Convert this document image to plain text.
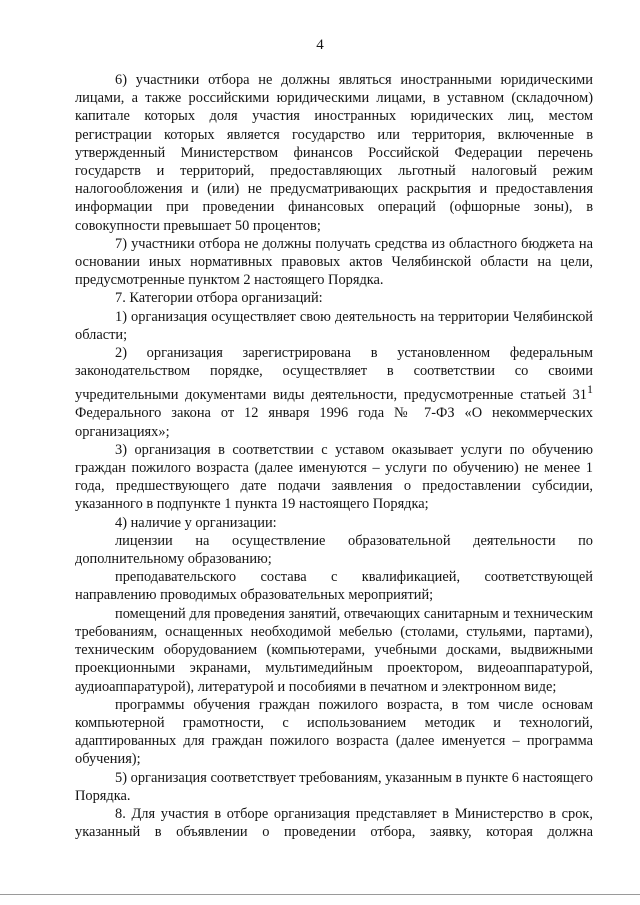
4

6) участники отбора не должны являться иностранными юридическими лицами, а также российскими юридическими лицами, в уставном (складочном) капитале которых доля участия иностранных юридических лиц, местом регистрации которых является государство или территория, включенные в утвержденный Министерством финансов Российской Федерации перечень государств и территорий, предоставляющих льготный налоговый режим налогообложения и (или) не предусматривающих раскрытия и предоставления информации при проведении финансовых операций (офшорные зоны), в совокупности превышает 50 процентов;

7) участники отбора не должны получать средства из областного бюджета на основании иных нормативных правовых актов Челябинской области на цели, предусмотренные пунктом 2 настоящего Порядка.

7. Категории отбора организаций:

1) организация осуществляет свою деятельность на территории Челябинской области;

2) организация зарегистрирована в установленном федеральным законодательством порядке, осуществляет в соответствии со своими учредительными документами виды деятельности, предусмотренные статьей $31^1$ Федерального закона от 12 января 1996 года № 7-ФЗ «О некоммерческих организациях»;

3) организация в соответствии с уставом оказывает услуги по обучению граждан пожилого возраста (далее именуются – услуги по обучению) не менее 1 года, предшествующего дате подачи заявления о предоставлении субсидии, указанного в подпункте 1 пункта 19 настоящего Порядка;

4) наличие у организации:

лицензии на осуществление образовательной деятельности по дополнительному образованию;

преподавательского состава с квалификацией, соответствующей направлению проводимых образовательных мероприятий;

помещений для проведения занятий, отвечающих санитарным и техническим требованиям, оснащенных необходимой мебелью (столами, стульями, партами), техническим оборудованием (компьютерами, учебными досками, выдвижными проекционными экранами, мультимедийным проектором, видеоаппаратурой, аудиоаппаратурой), литературой и пособиями в печатном и электронном виде;

программы обучения граждан пожилого возраста, в том числе основам компьютерной грамотности, с использованием методик и технологий, адаптированных для граждан пожилого возраста (далее именуется – программа обучения);

5) организация соответствует требованиям, указанным в пункте 6 настоящего Порядка.

8. Для участия в отборе организация представляет в Министерство в срок, указанный в объявлении о проведении отбора, заявку, которая должна
